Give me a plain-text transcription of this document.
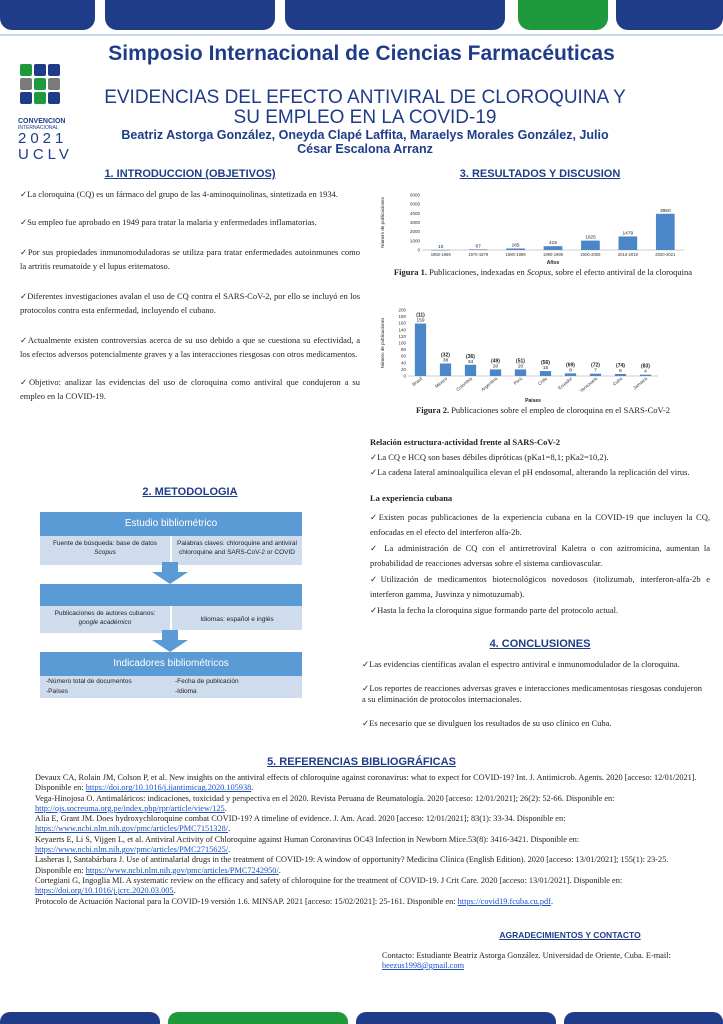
CONVENCION
INTERNACIONAL
2021
UCLV
Simposio Internacional de Ciencias Farmacéuticas
EVIDENCIAS DEL EFECTO ANTIVIRAL DE CLOROQUINA Y SU EMPLEO EN LA COVID-19
Beatriz Astorga González, Oneyda Clapé Laffita, Maraelys Morales González, Julio César Escalona Arranz
1. INTRODUCCION (OBJETIVOS)

✓La cloroquina (CQ) es un fármaco del grupo de las 4-aminoquinolinas, sintetizada en 1934.

✓Su empleo fue aprobado en 1949 para tratar la malaria y enfermedades inflamatorias.

✓Por sus propiedades inmunomoduladoras se utiliza para tratar enfermedades autoinmunes como la artritis reumatoide y el lupus eritematoso.

✓Diferentes investigaciones avalan el uso de CQ contra el SARS-CoV-2, por ello se incluyó en los protocolos contra esta enfermedad, incluyendo el cubano.

✓Actualmente existen controversias acerca de su uso debido a que se cuestiona su efectividad, a los efectos adversos potencialmente graves y a las interacciones riesgosas con otros medicamentos.

✓Objetivo: analizar las evidencias del uso de cloroquina como antiviral que condujeron a su empleo en la COVID-19.

2. METODOLOGIA
Estudio bibliométrico
Fuente de búsqueda: base de datos
Scopus
Palabras claves: chloroquine and antiviral chloroquine and SARS-CoV-2 or COVID
Publicaciones de autores cubanos:
google académico	Idiomas: español e inglés
Indicadores bibliométricos
-Número total de documentos
-Países
-Fecha de publicación
-Idioma
3. RESULTADOS Y DISCUSION
Número de publicaciones
0
1000
2000
3000
4000
5000
6000
10
1950-1969
67
1970-1979
165
1980-1989
415
1990-1999
1025
2000-2009
1479
2010-2019
3950
2020-2021
Años
Figura 1. Publicaciones, indexadas en Scopus, sobre el efecto antiviral de la cloroquina
Número de publicaciones
0
20
40
60
80
100
120
140
160
180
200
(11)
159
Brasil
(32)
38
México
(36)
34
Colombia
(49)
20
Argentina
(51)
20
Perú
(56)
15
Chile
(69)
8
Ecuador
(72)
7
Venezuela
(74)
6
Cuba
(83)
4
Jamaica
Países
Figura 2. Publicaciones sobre el empleo de cloroquina en el SARS-CoV-2
Relación estructura-actividad frente al SARS-CoV-2
✓La CQ e HCQ son bases débiles dipróticas (pKa1=8,1; pKa2=10,2).
✓La cadena lateral aminoalquílica elevan el pH endosomal, alterando la replicación del virus.
La experiencia cubana
✓Existen pocas publicaciones de la experiencia cubana en la COVID-19 que incluyen la CQ, enfocadas en el efecto del interferon alfa-2b.
✓ La administración de CQ con el antirretroviral Kaletra o con azitromicina, aumentan la probabilidad de reacciones adversas sobre el sistema cardiovascular.
✓Utilización de medicamentos biotecnológicos novedosos (itolizumab, interferon-alfa-2b e interferon gamma, Jusvinza y nimotuzumab).
✓Hasta la fecha la cloroquina sigue formando parte del protocolo actual.
4. CONCLUSIONES

✓Las evidencias científicas avalan el espectro antiviral e inmunomodulador de la cloroquina.

✓Los reportes de reacciones adversas graves e interacciones medicamentosas riesgosas condujeron a su eliminación de protocolos internacionales.

✓Es necesario que se divulguen los resultados de su uso clínico en Cuba.

5. REFERENCIAS BIBLIOGRÁFICAS
Devaux CA, Rolain JM, Colson P, et al. New insights on the antiviral effects of chloroquine against coronavirus: what to expect for COVID-19? Int. J. Antimicrob. Agents. 2020 [acceso: 12/01/2021]. Disponible en: https://doi.org/10.1016/j.ijantimicag.2020.105938.
Vega-Hinojosa O. Antimaláricos: indicaciones, toxicidad y perspectiva en el 2020. Revista Peruana de Reumatología. 2020 [acceso: 12/01/2021]; 26(2): 52-66. Disponible en: http://ojs.socreuma.org.pe/index.php/rpr/article/view/125.
Alia E, Grant JM. Does hydroxychloroquine combat COVID-19? A timeline of evidence. J. Am. Acad. 2020 [acceso: 12/01/2021]; 83(1): 33-34. Disponible en: https://www.ncbi.nlm.nih.gov/pmc/articles/PMC7151328/.
Keyaerts E, Li S, Vijgen L, et al. Antiviral Activity of Chloroquine against Human Coronavirus OC43 Infection in Newborn Mice.53(8): 3416-3421. Disponible en: https://www.ncbi.nlm.nih.gov/pmc/articles/PMC2715625/.
Lasheras I, Santabárbara J. Use of antimalarial drugs in the treatment of COVID-19: A window of opportunity? Medicina Clínica (English Edition). 2020 [acceso: 13/01/2021]; 155(1): 23-25. Disponible en: https://www.ncbi.nlm.nih.gov/pmc/articles/PMC7242950/.
Cortegiani G, Ingoglia MI. A systematic review on the efficacy and safety of chloroquine for the treatment of COVID-19. J Crit Care. 2020 [acceso: 13/01/2021]. Disponible en: https://doi.org/10.1016/j.jcrc.2020.03.005.
Protocolo de Actuación Nacional para la COVID-19 versión 1.6. MINSAP. 2021 [acceso: 15/02/2021]: 25-161. Disponible en: https://covid19.fcuba.cu.pdf.
AGRADECIMIENTOS Y CONTACTO
Contacto: Estudiante Beatriz Astorga González. Universidad de Oriente, Cuba. E-mail: beezus1998@gmail.com
